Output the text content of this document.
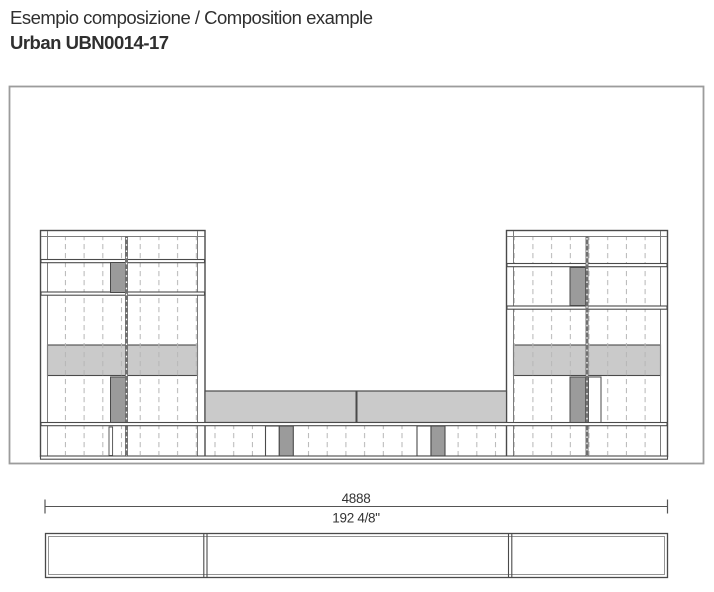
Esempio composizione / Composition example
Urban UBN0014-17
4888
192 4/8"
